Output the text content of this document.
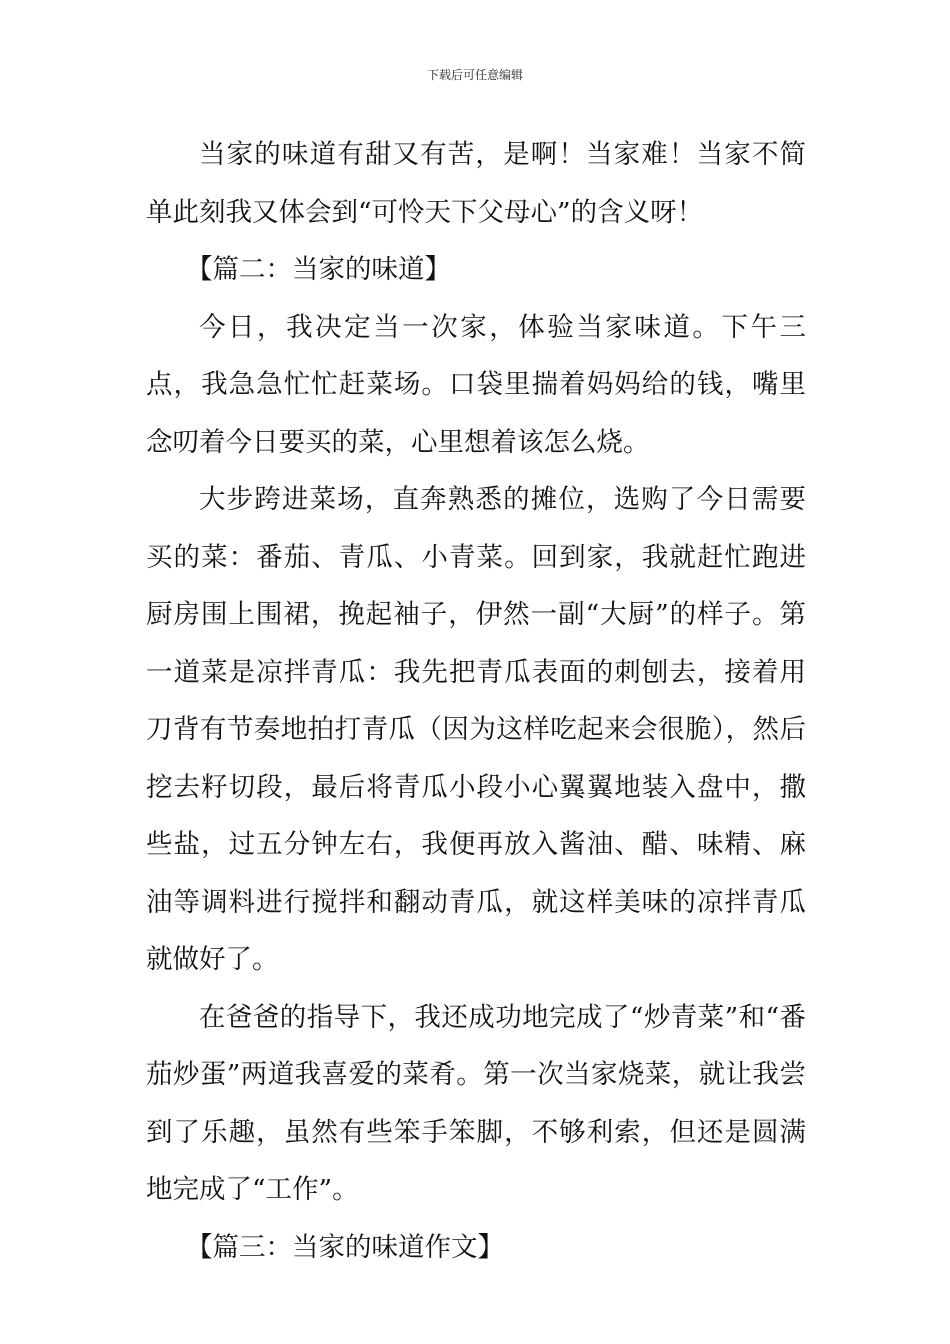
下载后可任意编辑

当家的味道有甜又有苦，是啊！当家难！当家不简单此刻我又体会到“可怜天下父母心”的含义呀！

【篇二：当家的味道】

今日，我决定当一次家，体验当家味道。下午三点，我急急忙忙赶菜场。口袋里揣着妈妈给的钱，嘴里念叨着今日要买的菜，心里想着该怎么烧。

大步跨进菜场，直奔熟悉的摊位，选购了今日需要买的菜：番茄、青瓜、小青菜。回到家，我就赶忙跑进厨房围上围裙，挽起袖子，伊然一副“大厨”的样子。第一道菜是凉拌青瓜：我先把青瓜表面的刺刨去，接着用刀背有节奏地拍打青瓜（因为这样吃起来会很脆），然后挖去籽切段，最后将青瓜小段小心翼翼地装入盘中，撒些盐，过五分钟左右，我便再放入酱油、醋、味精、麻油等调料进行搅拌和翻动青瓜，就这样美味的凉拌青瓜就做好了。

在爸爸的指导下，我还成功地完成了“炒青菜”和“番茄炒蛋”两道我喜爱的菜肴。第一次当家烧菜，就让我尝到了乐趣，虽然有些笨手笨脚，不够利索，但还是圆满地完成了“工作”。

【篇三：当家的味道作文】
